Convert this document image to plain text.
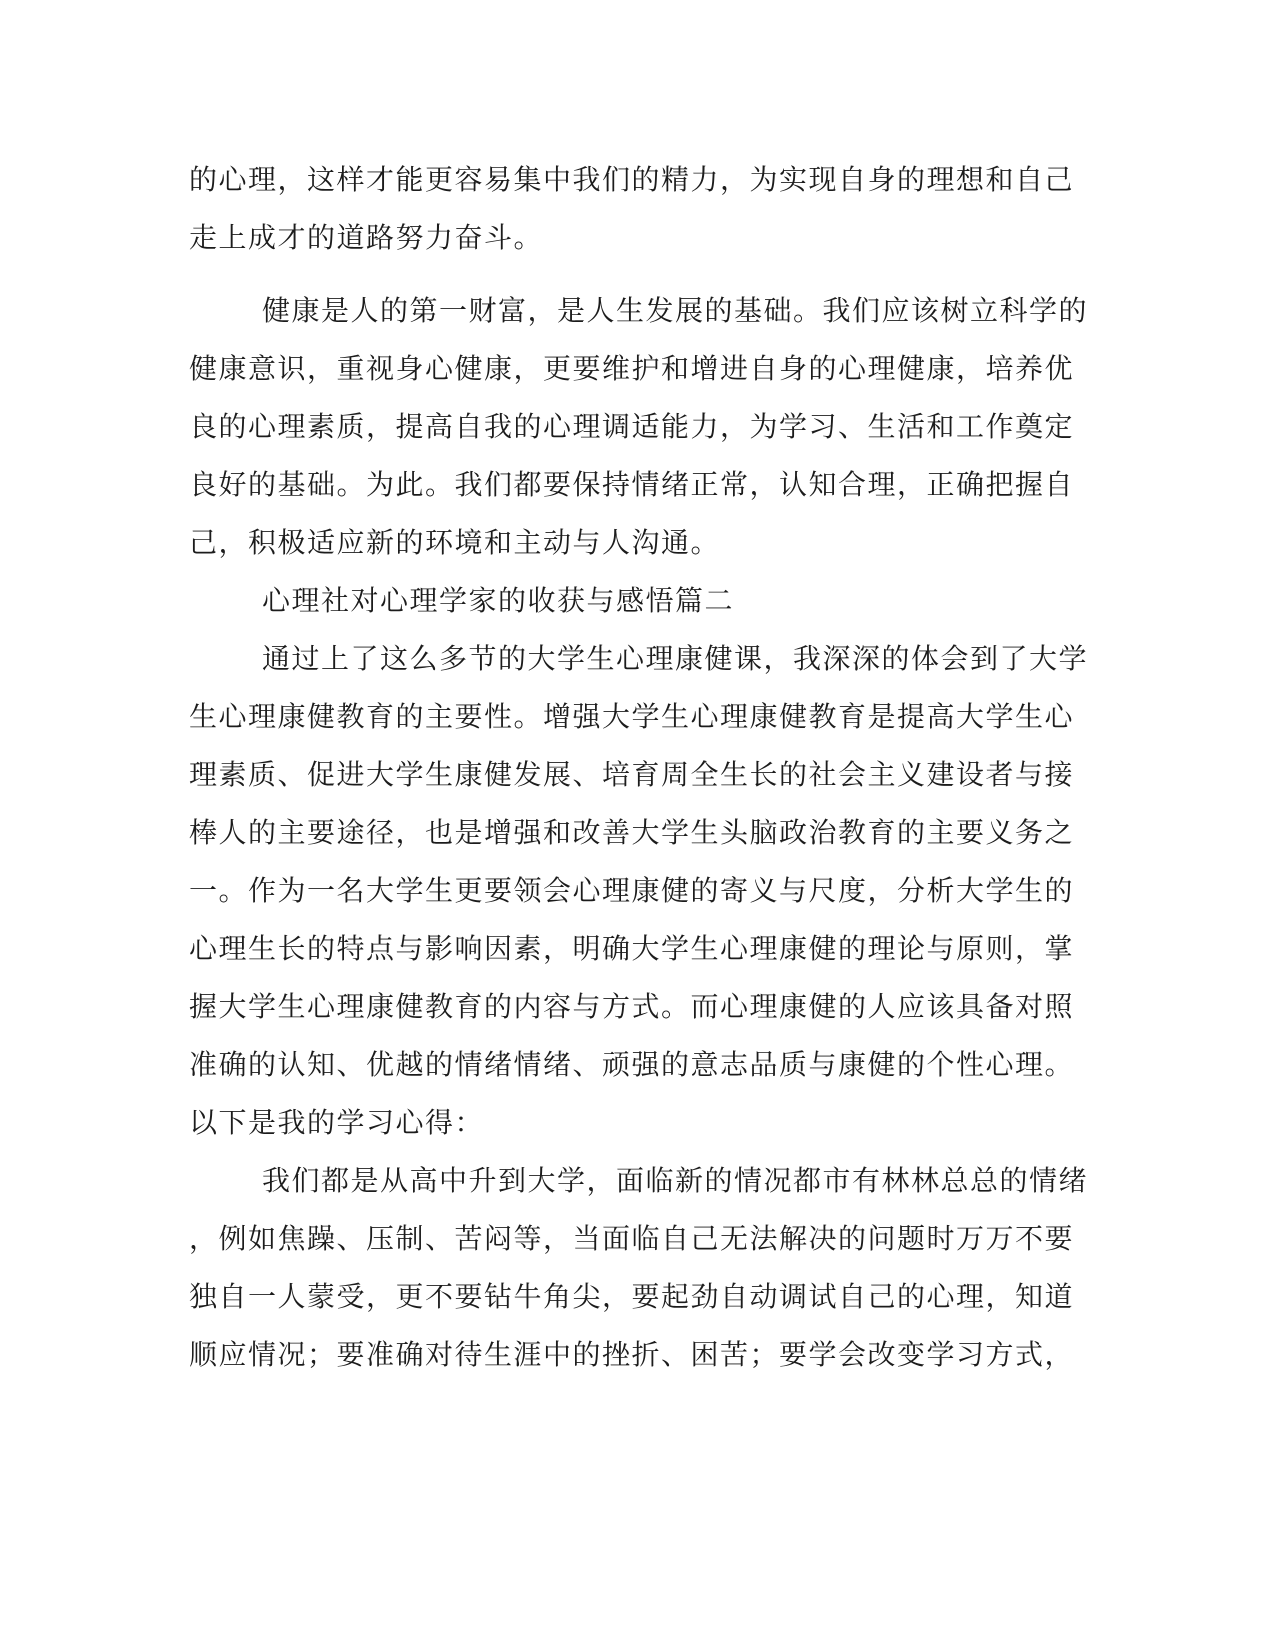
的心理，这样才能更容易集中我们的精力，为实现自身的理想和自己
走上成才的道路努力奋斗。
健康是人的第一财富，是人生发展的基础。我们应该树立科学的
健康意识，重视身心健康，更要维护和增进自身的心理健康，培养优
良的心理素质，提高自我的心理调适能力，为学习、生活和工作奠定
良好的基础。为此。我们都要保持情绪正常，认知合理，正确把握自
己，积极适应新的环境和主动与人沟通。
心理社对心理学家的收获与感悟篇二
通过上了这么多节的大学生心理康健课，我深深的体会到了大学
生心理康健教育的主要性。增强大学生心理康健教育是提高大学生心
理素质、促进大学生康健发展、培育周全生长的社会主义建设者与接
棒人的主要途径，也是增强和改善大学生头脑政治教育的主要义务之
一。作为一名大学生更要领会心理康健的寄义与尺度，分析大学生的
心理生长的特点与影响因素，明确大学生心理康健的理论与原则，掌
握大学生心理康健教育的内容与方式。而心理康健的人应该具备对照
准确的认知、优越的情绪情绪、顽强的意志品质与康健的个性心理。
以下是我的学习心得：
我们都是从高中升到大学，面临新的情况都市有林林总总的情绪
，例如焦躁、压制、苦闷等，当面临自己无法解决的问题时万万不要
独自一人蒙受，更不要钻牛角尖，要起劲自动调试自己的心理，知道
顺应情况；要准确对待生涯中的挫折、困苦；要学会改变学习方式，
